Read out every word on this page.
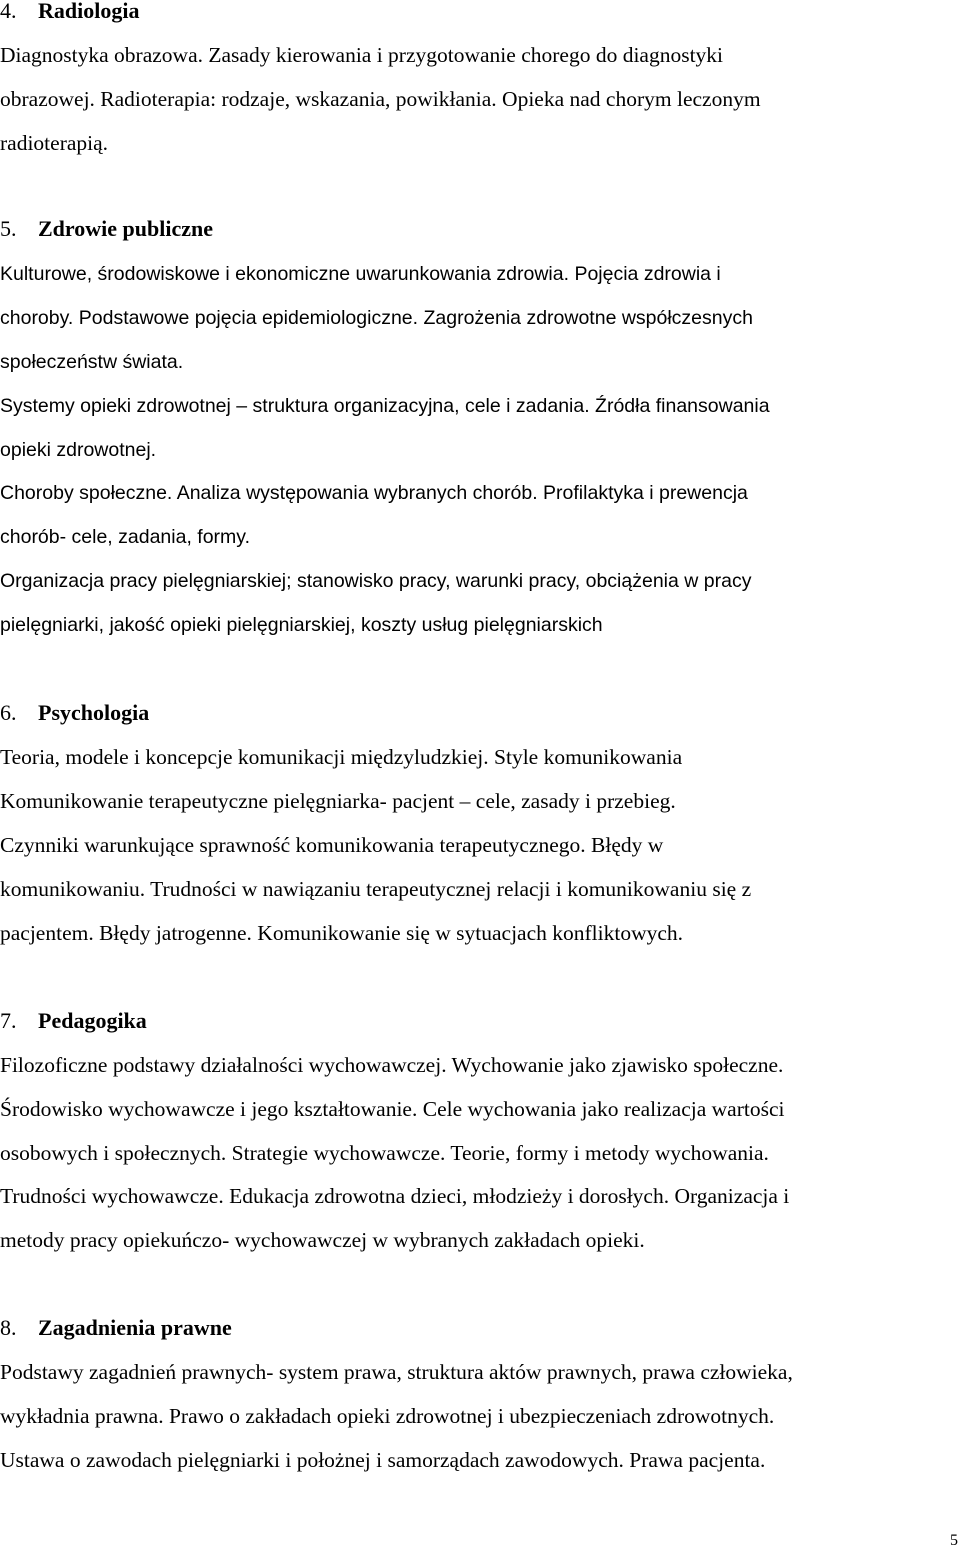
4. Radiologia
Diagnostyka obrazowa. Zasady kierowania i przygotowanie chorego do diagnostyki
obrazowej. Radioterapia: rodzaje, wskazania, powikłania. Opieka nad chorym leczonym
radioterapią.
5. Zdrowie publiczne
Kulturowe, środowiskowe i ekonomiczne uwarunkowania zdrowia. Pojęcia zdrowia i
choroby. Podstawowe pojęcia epidemiologiczne. Zagrożenia zdrowotne współczesnych
społeczeństw świata.
Systemy opieki zdrowotnej – struktura organizacyjna, cele i zadania. Źródła finansowania
opieki zdrowotnej.
Choroby społeczne. Analiza występowania wybranych chorób. Profilaktyka i prewencja
chorób- cele, zadania, formy.
Organizacja pracy pielęgniarskiej; stanowisko pracy, warunki pracy, obciążenia w pracy
pielęgniarki, jakość opieki pielęgniarskiej, koszty usług pielęgniarskich
6. Psychologia
Teoria, modele i koncepcje komunikacji międzyludzkiej. Style komunikowania
Komunikowanie terapeutyczne pielęgniarka- pacjent – cele, zasady i przebieg.
Czynniki warunkujące sprawność komunikowania terapeutycznego. Błędy w
komunikowaniu. Trudności w nawiązaniu terapeutycznej relacji i komunikowaniu się z
pacjentem. Błędy jatrogenne. Komunikowanie się w sytuacjach konfliktowych.
7. Pedagogika
Filozoficzne podstawy działalności wychowawczej. Wychowanie jako zjawisko społeczne.
Środowisko wychowawcze i jego kształtowanie. Cele wychowania jako realizacja wartości
osobowych i społecznych. Strategie wychowawcze. Teorie, formy i metody wychowania.
Trudności wychowawcze. Edukacja zdrowotna dzieci, młodzieży i dorosłych. Organizacja i
metody pracy opiekuńczo- wychowawczej w wybranych zakładach opieki.
8. Zagadnienia prawne
Podstawy zagadnień prawnych- system prawa, struktura aktów prawnych, prawa człowieka,
wykładnia prawna. Prawo o zakładach opieki zdrowotnej i ubezpieczeniach zdrowotnych.
Ustawa o zawodach pielęgniarki i położnej i samorządach zawodowych. Prawa pacjenta.
5
